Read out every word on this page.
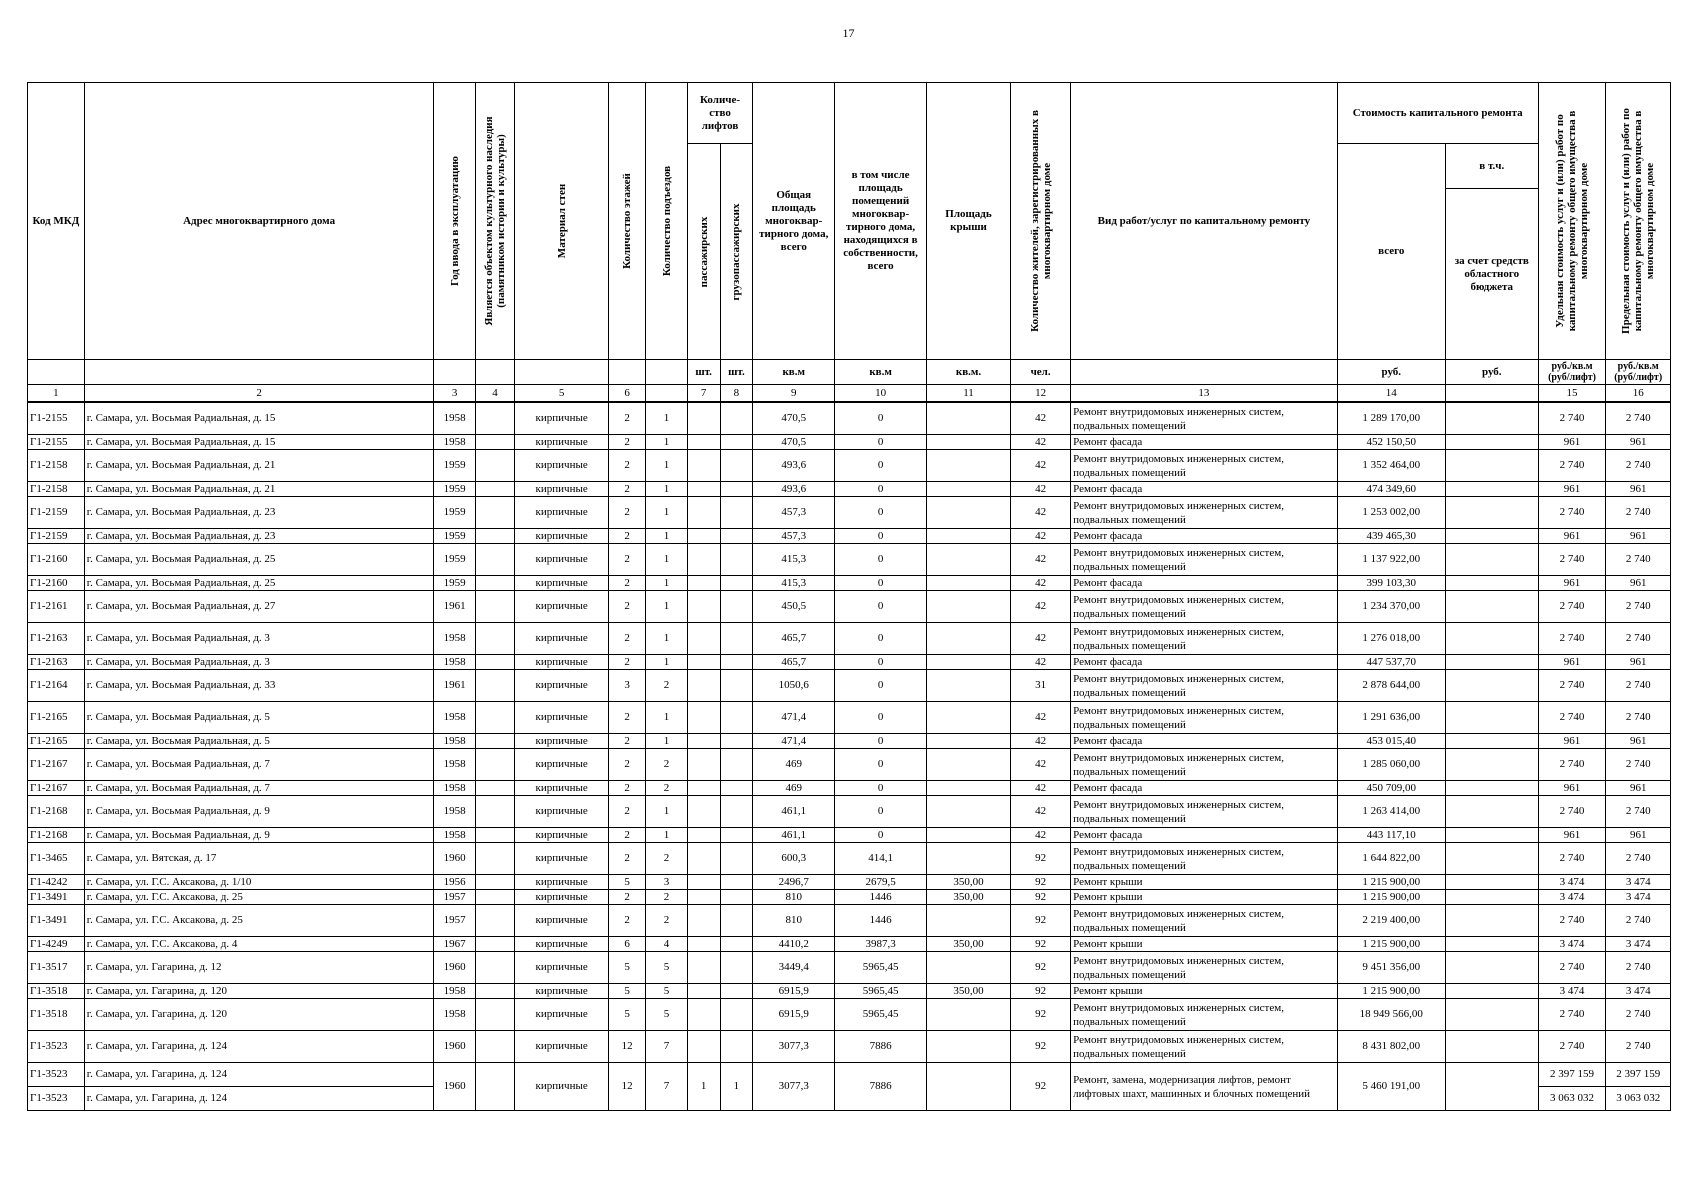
17
Код МКД	Адрес многоквартирного дома	Год ввода в эксплуатацию	Является объектом культурного наследия (памятником истории и культуры)	Материал стен	Количество этажей	Количество подъездов	Количе-ство лифтов		Общая площадь многоквар-тирного дома, всего	в том числе площадь помещений многоквар-тирного дома, находящихся в собственности, всего	Площадь крыши	Количество жителей, зарегистрированных в многоквартирном доме	Вид работ/услуг по капитальному ремонту	Стоимость капитального ремонта		Удельная стоимость услуг и (или) работ по капитальному ремонту общего имущества в многоквартирном доме	Предельная стоимость услуг и (или) работ по капитальному ремонту общего имущества в многоквартирном доме

							пассажирских	грузопассажирских						всего	в т.ч.		
															за счет средств областного бюджета		
							шт.	шт.	кв.м	кв.м	кв.м.	чел.		руб.	руб.	руб./кв.м (руб/лифт)	руб./кв.м (руб/лифт)
1	2	3	4	5	6		7	8	9	10	11	12	13	14		15	16
Г1-2155	г. Самара, ул. Восьмая Радиальная, д. 15	1958		кирпичные	2	1			470,5	0		42	Ремонт внутридомовых инженерных систем, подвальных помещений	1 289 170,00		2 740	2 740
Г1-2155	г. Самара, ул. Восьмая Радиальная, д. 15	1958		кирпичные	2	1			470,5	0		42	Ремонт фасада	452 150,50		961	961
Г1-2158	г. Самара, ул. Восьмая Радиальная, д. 21	1959		кирпичные	2	1			493,6	0		42	Ремонт внутридомовых инженерных систем, подвальных помещений	1 352 464,00		2 740	2 740
Г1-2158	г. Самара, ул. Восьмая Радиальная, д. 21	1959		кирпичные	2	1			493,6	0		42	Ремонт фасада	474 349,60		961	961
Г1-2159	г. Самара, ул. Восьмая Радиальная, д. 23	1959		кирпичные	2	1			457,3	0		42	Ремонт внутридомовых инженерных систем, подвальных помещений	1 253 002,00		2 740	2 740
Г1-2159	г. Самара, ул. Восьмая Радиальная, д. 23	1959		кирпичные	2	1			457,3	0		42	Ремонт фасада	439 465,30		961	961
Г1-2160	г. Самара, ул. Восьмая Радиальная, д. 25	1959		кирпичные	2	1			415,3	0		42	Ремонт внутридомовых инженерных систем, подвальных помещений	1 137 922,00		2 740	2 740
Г1-2160	г. Самара, ул. Восьмая Радиальная, д. 25	1959		кирпичные	2	1			415,3	0		42	Ремонт фасада	399 103,30		961	961
Г1-2161	г. Самара, ул. Восьмая Радиальная, д. 27	1961		кирпичные	2	1			450,5	0		42	Ремонт внутридомовых инженерных систем, подвальных помещений	1 234 370,00		2 740	2 740
Г1-2163	г. Самара, ул. Восьмая Радиальная, д. 3	1958		кирпичные	2	1			465,7	0		42	Ремонт внутридомовых инженерных систем, подвальных помещений	1 276 018,00		2 740	2 740
Г1-2163	г. Самара, ул. Восьмая Радиальная, д. 3	1958		кирпичные	2	1			465,7	0		42	Ремонт фасада	447 537,70		961	961
Г1-2164	г. Самара, ул. Восьмая Радиальная, д. 33	1961		кирпичные	3	2			1050,6	0		31	Ремонт внутридомовых инженерных систем, подвальных помещений	2 878 644,00		2 740	2 740
Г1-2165	г. Самара, ул. Восьмая Радиальная, д. 5	1958		кирпичные	2	1			471,4	0		42	Ремонт внутридомовых инженерных систем, подвальных помещений	1 291 636,00		2 740	2 740
Г1-2165	г. Самара, ул. Восьмая Радиальная, д. 5	1958		кирпичные	2	1			471,4	0		42	Ремонт фасада	453 015,40		961	961
Г1-2167	г. Самара, ул. Восьмая Радиальная, д. 7	1958		кирпичные	2	2			469	0		42	Ремонт внутридомовых инженерных систем, подвальных помещений	1 285 060,00		2 740	2 740
Г1-2167	г. Самара, ул. Восьмая Радиальная, д. 7	1958		кирпичные	2	2			469	0		42	Ремонт фасада	450 709,00		961	961
Г1-2168	г. Самара, ул. Восьмая Радиальная, д. 9	1958		кирпичные	2	1			461,1	0		42	Ремонт внутридомовых инженерных систем, подвальных помещений	1 263 414,00		2 740	2 740
Г1-2168	г. Самара, ул. Восьмая Радиальная, д. 9	1958		кирпичные	2	1			461,1	0		42	Ремонт фасада	443 117,10		961	961
Г1-3465	г. Самара, ул. Вятская, д. 17	1960		кирпичные	2	2			600,3	414,1		92	Ремонт внутридомовых инженерных систем, подвальных помещений	1 644 822,00		2 740	2 740
Г1-4242	г. Самара, ул. Г.С. Аксакова, д. 1/10	1956		кирпичные	5	3			2496,7	2679,5	350,00	92	Ремонт крыши	1 215 900,00		3 474	3 474
Г1-3491	г. Самара, ул. Г.С. Аксакова, д. 25	1957		кирпичные	2	2			810	1446	350,00	92	Ремонт крыши	1 215 900,00		3 474	3 474
Г1-3491	г. Самара, ул. Г.С. Аксакова, д. 25	1957		кирпичные	2	2			810	1446		92	Ремонт внутридомовых инженерных систем, подвальных помещений	2 219 400,00		2 740	2 740
Г1-4249	г. Самара, ул. Г.С. Аксакова, д. 4	1967		кирпичные	6	4			4410,2	3987,3	350,00	92	Ремонт крыши	1 215 900,00		3 474	3 474
Г1-3517	г. Самара, ул. Гагарина, д. 12	1960		кирпичные	5	5			3449,4	5965,45		92	Ремонт внутридомовых инженерных систем, подвальных помещений	9 451 356,00		2 740	2 740
Г1-3518	г. Самара, ул. Гагарина, д. 120	1958		кирпичные	5	5			6915,9	5965,45	350,00	92	Ремонт крыши	1 215 900,00		3 474	3 474
Г1-3518	г. Самара, ул. Гагарина, д. 120	1958		кирпичные	5	5			6915,9	5965,45		92	Ремонт внутридомовых инженерных систем, подвальных помещений	18 949 566,00		2 740	2 740
Г1-3523	г. Самара, ул. Гагарина, д. 124	1960		кирпичные	12	7			3077,3	7886		92	Ремонт внутридомовых инженерных систем, подвальных помещений	8 431 802,00		2 740	2 740
Г1-3523	г. Самара, ул. Гагарина, д. 124	1960		кирпичные	12	7	1	1	3077,3	7886		92	Ремонт, замена, модернизация лифтов, ремонт лифтовых шахт, машинных и блочных помещений	5 460 191,00		2 397 159	2 397 159
Г1-3523	г. Самара, ул. Гагарина, д. 124															3 063 032	3 063 032
